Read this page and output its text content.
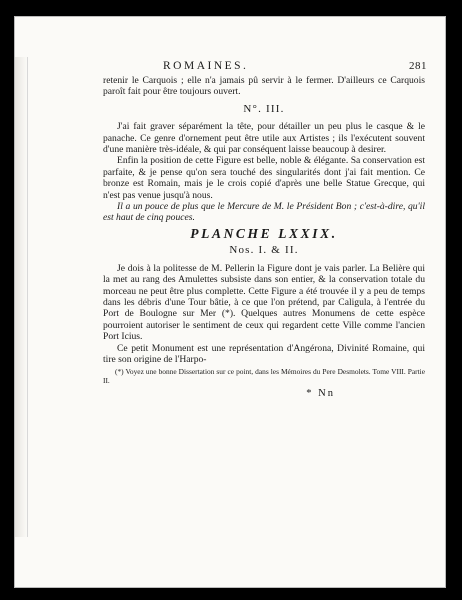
ROMAINES.	281

retenir le Carquois ; elle n'a jamais pû servir à le fermer. D'ailleurs ce Carquois paroît fait pour être toujours ouvert.

N°. III.

J'ai fait graver séparément la tête, pour détailler un peu plus le casque & le panache. Ce genre d'ornement peut être utile aux Artistes ; ils l'exécutent souvent d'une manière très-idéale, & qui par conséquent laisse beaucoup à desirer.

Enfin la position de cette Figure est belle, noble & élégante. Sa conservation est parfaite, & je pense qu'on sera touché des singularités dont j'ai fait mention. Ce bronze est Romain, mais je le crois copié d'après une belle Statue Grecque, qui n'est pas venue jusqu'à nous.

Il a un pouce de plus que le Mercure de M. le Président Bon ; c'est-à-dire, qu'il est haut de cinq pouces.

PLANCHE LXXIX.
Nos. I. & II.

Je dois à la politesse de M. Pellerin la Figure dont je vais parler. La Belière qui la met au rang des Amulettes subsiste dans son entier, & la conservation totale du morceau ne peut être plus complette. Cette Figure a été trouvée il y a peu de temps dans les débris d'une Tour bâtie, à ce que l'on prétend, par Caligula, à l'entrée du Port de Boulogne sur Mer (*). Quelques autres Monumens de cette espèce pourroient autoriser le sentiment de ceux qui regardent cette Ville comme l'ancien Port Icius.

Ce petit Monument est une représentation d'Angérona, Divinité Romaine, qui tire son origine de l'Harpo-

(*) Voyez une bonne Dissertation sur ce point, dans les Mémoires du Pere Desmolets. Tome VIII. Partie II.

* Nn
